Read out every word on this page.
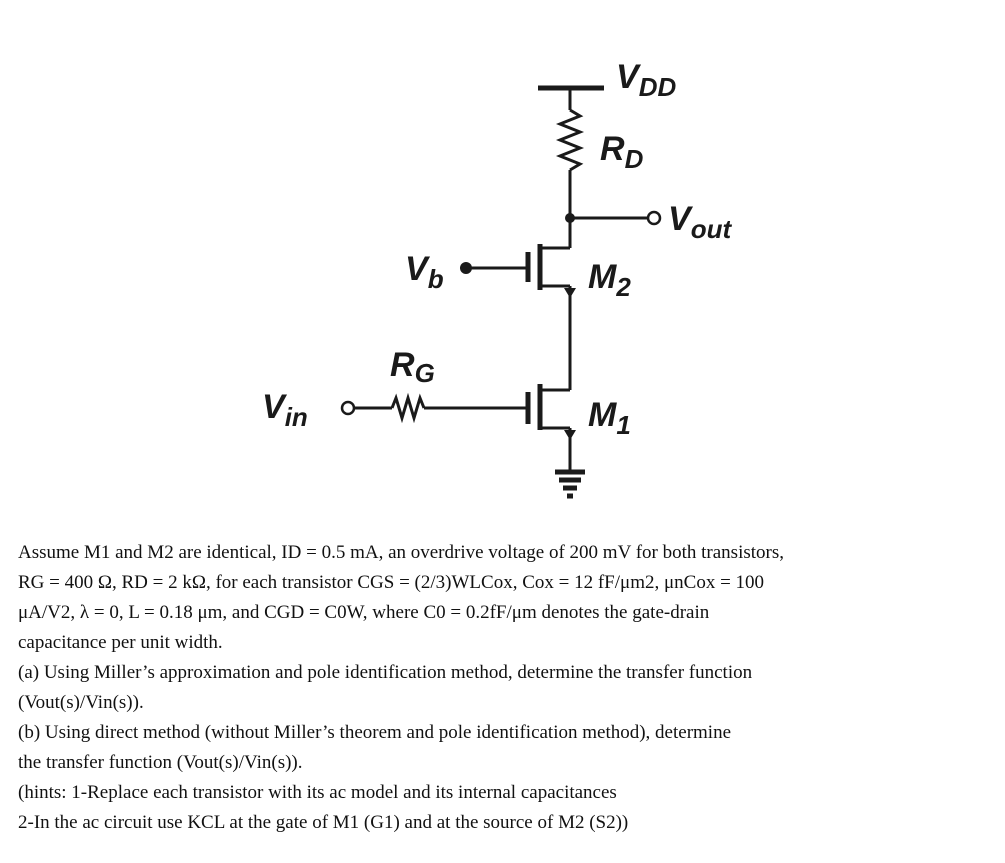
$V_{DD}$
$R_D$
$V_{out}$
$V_b$	$M_2$
RG
$V_{in}$	$M_1$

Assume M1 and M2 are identical, ID = 0.5 mA, an overdrive voltage of 200 mV for both transistors,

RG = 400 Ω, RD = 2 kΩ, for each transistor CGS = (2/3)WLCox, Cox = 12 fF/μm2, μnCox = 100

μA/V2, λ = 0, L = 0.18 μm, and CGD = C0W, where C0 = 0.2fF/μm denotes the gate-drain

capacitance per unit width.

(a) Using Miller’s approximation and pole identification method, determine the transfer function

(Vout(s)/Vin(s)).

(b) Using direct method (without Miller’s theorem and pole identification method), determine

the transfer function (Vout(s)/Vin(s)).

(hints: 1-Replace each transistor with its ac model and its internal capacitances

2-In the ac circuit use KCL at the gate of M1 (G1) and at the source of M2 (S2))
